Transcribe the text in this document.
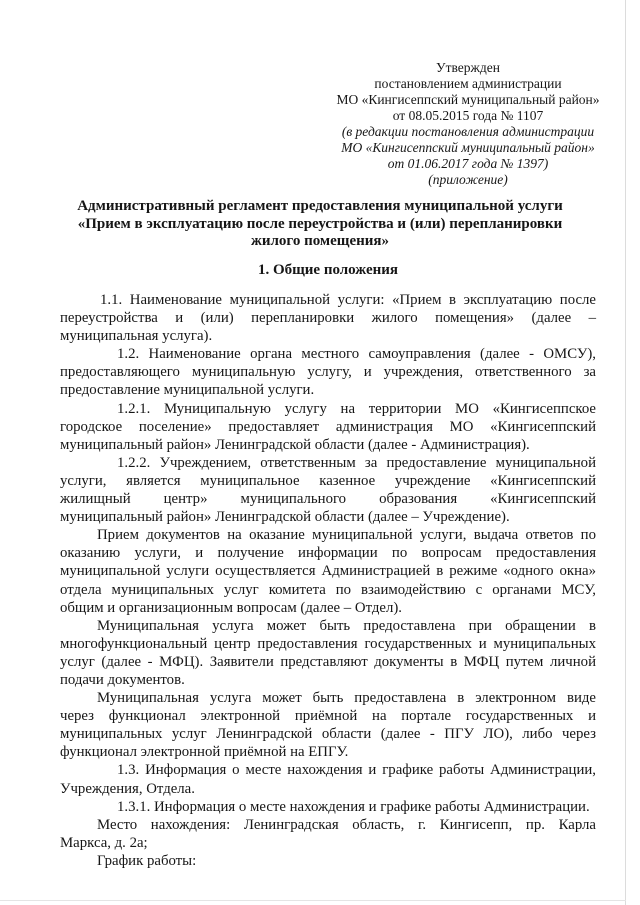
Утвержден
постановлением администрации
МО «Кингисеппский муниципальный район»
от 08.05.2015 года № 1107
(в редакции постановления администрации
МО «Кингисеппский муниципальный район»
от 01.06.2017 года № 1397)
(приложение)
Административный регламент предоставления муниципальной услуги
«Прием в эксплуатацию после переустройства и (или) перепланировки
жилого помещения»
1. Общие положения
1.1. Наименование муниципальной услуги: «Прием в эксплуатацию после
переустройства и (или) перепланировки жилого помещения» (далее –
муниципальная услуга).
1.2. Наименование органа местного самоуправления (далее - ОМСУ),
предоставляющего муниципальную услугу, и учреждения, ответственного за
предоставление муниципальной услуги.
1.2.1. Муниципальную услугу на территории МО «Кингисеппское
городское поселение» предоставляет администрация МО «Кингисеппский
муниципальный район» Ленинградской области (далее - Администрация).
1.2.2. Учреждением, ответственным за предоставление муниципальной
услуги, является муниципальное казенное учреждение «Кингисеппский
жилищный центр» муниципального образования «Кингисеппский
муниципальный район» Ленинградской области (далее – Учреждение).
Прием документов на оказание муниципальной услуги, выдача ответов по
оказанию услуги, и получение информации по вопросам предоставления
муниципальной услуги осуществляется Администрацией в режиме «одного окна»
отдела муниципальных услуг комитета по взаимодействию с органами МСУ,
общим и организационным вопросам (далее – Отдел).
Муниципальная услуга может быть предоставлена при обращении в
многофункциональный центр предоставления государственных и муниципальных
услуг (далее - МФЦ). Заявители представляют документы в МФЦ путем личной
подачи документов.
Муниципальная услуга может быть предоставлена в электронном виде
через функционал электронной приёмной на портале государственных и
муниципальных услуг Ленинградской области (далее - ПГУ ЛО), либо через
функционал электронной приёмной на ЕПГУ.
1.3. Информация о месте нахождения и графике работы Администрации,
Учреждения, Отдела.
1.3.1. Информация о месте нахождения и графике работы Администрации.
Место нахождения: Ленинградская область, г. Кингисепп, пр. Карла
Маркса, д. 2а;
График работы:
